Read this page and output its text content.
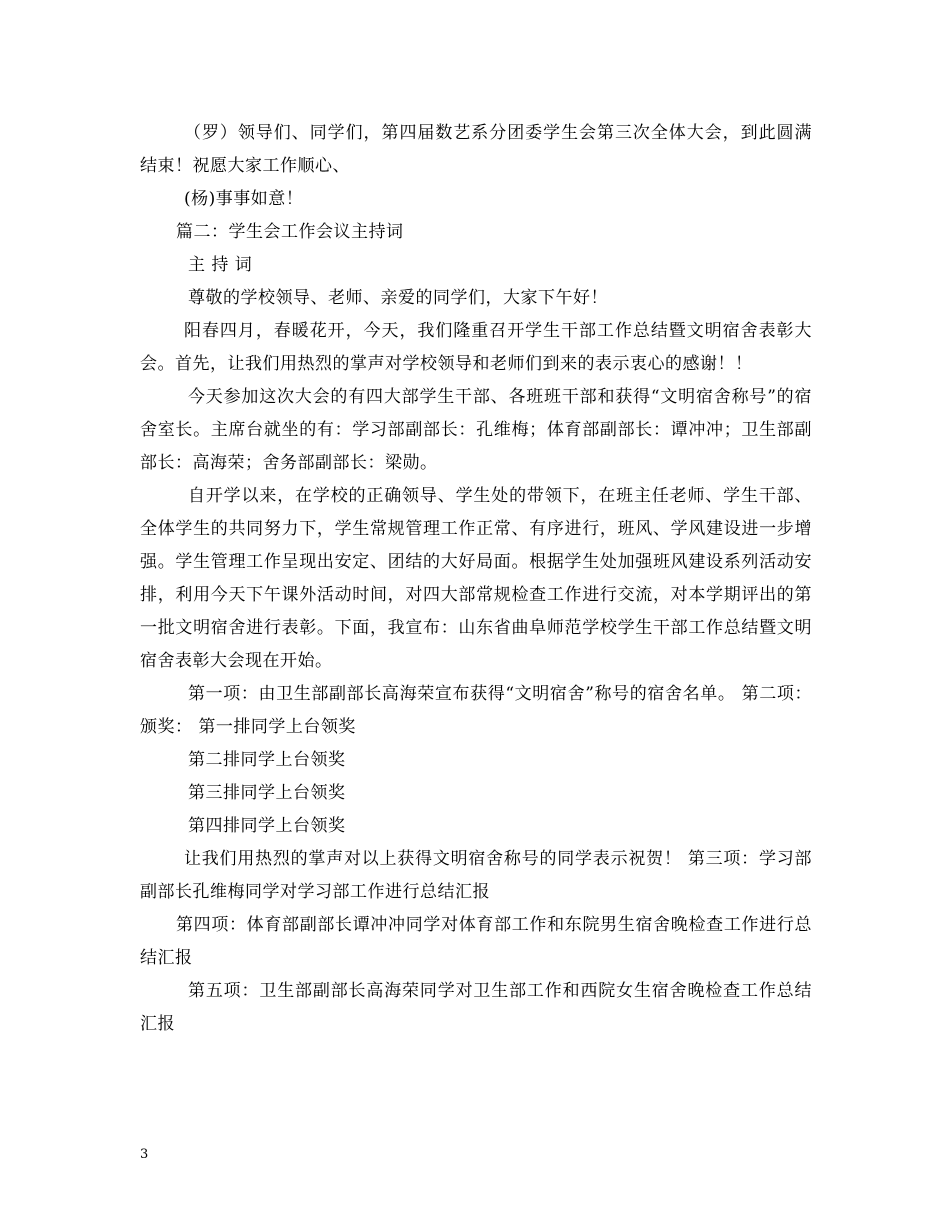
（罗）领导们、同学们，第四届数艺系分团委学生会第三次全体大会，到此圆满结束！祝愿大家工作顺心、

(杨)事事如意！

篇二：学生会工作会议主持词

主 持 词

尊敬的学校领导、老师、亲爱的同学们，大家下午好！

阳春四月，春暖花开，今天，我们隆重召开学生干部工作总结暨文明宿舍表彰大会。首先，让我们用热烈的掌声对学校领导和老师们到来的表示衷心的感谢！！

今天参加这次大会的有四大部学生干部、各班班干部和获得“文明宿舍称号”的宿舍室长。主席台就坐的有：学习部副部长：孔维梅；体育部副部长：谭冲冲；卫生部副部长：高海荣；舍务部副部长：梁勋。

自开学以来，在学校的正确领导、学生处的带领下，在班主任老师、学生干部、全体学生的共同努力下，学生常规管理工作正常、有序进行，班风、学风建设进一步增强。学生管理工作呈现出安定、团结的大好局面。根据学生处加强班风建设系列活动安排，利用今天下午课外活动时间，对四大部常规检查工作进行交流，对本学期评出的第一批文明宿舍进行表彰。下面，我宣布：山东省曲阜师范学校学生干部工作总结暨文明宿舍表彰大会现在开始。

第一项：由卫生部副部长高海荣宣布获得“文明宿舍”称号的宿舍名单。 第二项：颁奖： 第一排同学上台领奖

第二排同学上台领奖

第三排同学上台领奖

第四排同学上台领奖

让我们用热烈的掌声对以上获得文明宿舍称号的同学表示祝贺！ 第三项：学习部副部长孔维梅同学对学习部工作进行总结汇报

第四项：体育部副部长谭冲冲同学对体育部工作和东院男生宿舍晚检查工作进行总结汇报

第五项：卫生部副部长高海荣同学对卫生部工作和西院女生宿舍晚检查工作总结汇报

3
